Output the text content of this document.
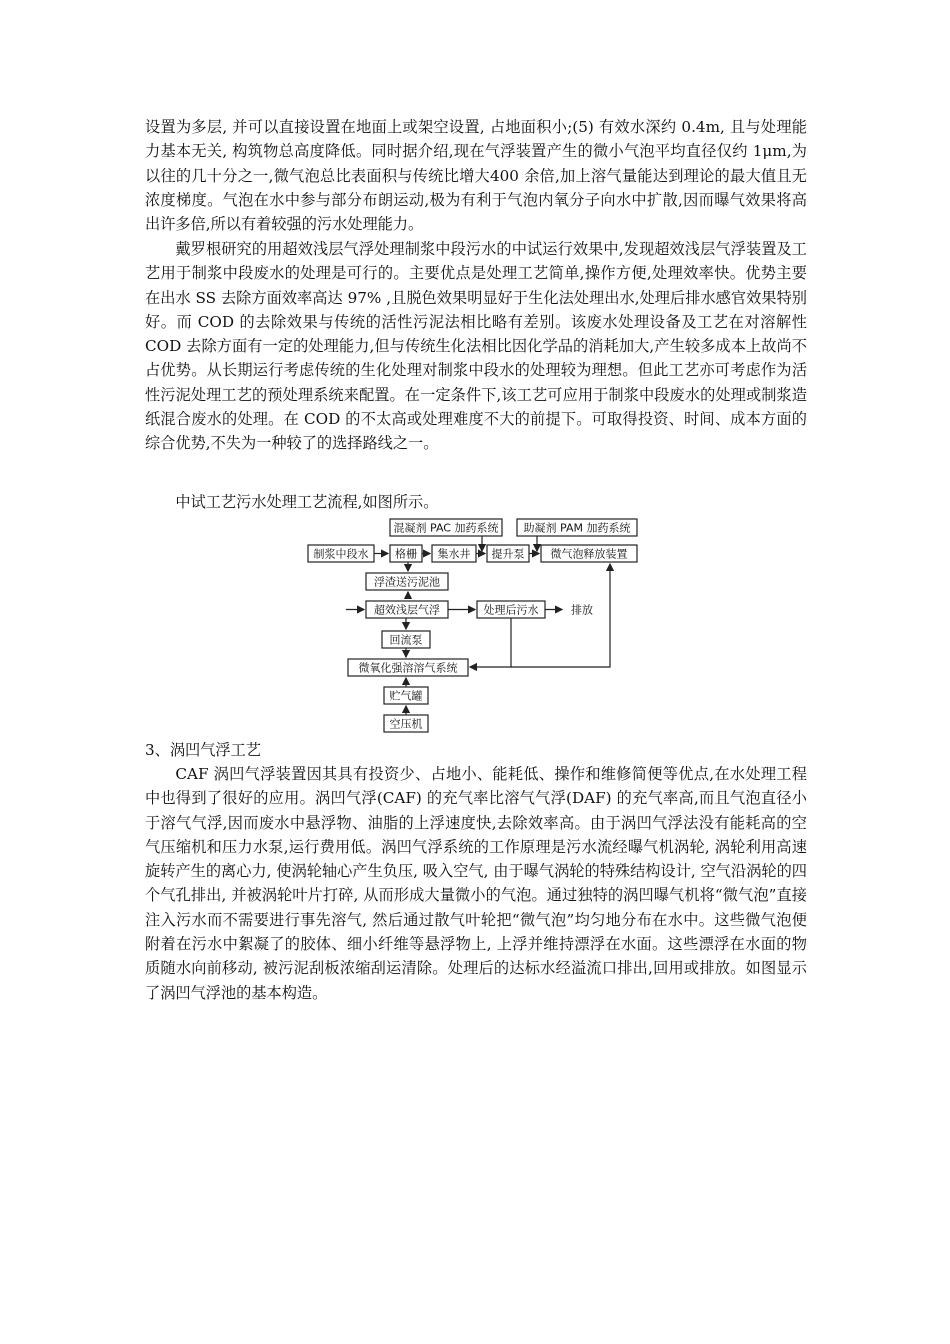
设置为多层, 并可以直接设置在地面上或架空设置, 占地面积小;(5) 有效水深约 0.4m, 且与处理能力基本无关, 构筑物总高度降低。同时据介绍,现在气浮装置产生的微小气泡平均直径仅约 1μm,为以往的几十分之一,微气泡总比表面积与传统比增大400 余倍,加上溶气量能达到理论的最大值且无浓度梯度。气泡在水中参与部分布朗运动,极为有利于气泡内氧分子向水中扩散,因而曝气效果将高出许多倍,所以有着较强的污水处理能力。

戴罗根研究的用超效浅层气浮处理制浆中段污水的中试运行效果中,发现超效浅层气浮装置及工艺用于制浆中段废水的处理是可行的。主要优点是处理工艺简单,操作方便,处理效率快。优势主要在出水 SS 去除方面效率高达 97% ,且脱色效果明显好于生化法处理出水,处理后排水感官效果特别好。而 COD 的去除效果与传统的活性污泥法相比略有差别。该废水处理设备及工艺在对溶解性 COD 去除方面有一定的处理能力,但与传统生化法相比因化学品的消耗加大,产生较多成本上故尚不占优势。从长期运行考虑传统的生化处理对制浆中段水的处理较为理想。但此工艺亦可考虑作为活性污泥处理工艺的预处理系统来配置。在一定条件下,该工艺可应用于制浆中段废水的处理或制浆造纸混合废水的处理。在 COD 的不太高或处理难度不大的前提下。可取得投资、时间、成本方面的综合优势,不失为一种较了的选择路线之一。

中试工艺污水处理工艺流程,如图所示。

混凝剂 PAC 加药系统 助凝剂 PAM 加药系统
制浆中段水 格栅 集水井 提升泵 微气泡释放装置
浮渣送污泥池
超效浅层气浮	处理后污水	排放
回流泵
微氧化强溶溶气系统
贮气罐
空压机

3、涡凹气浮工艺

CAF 涡凹气浮装置因其具有投资少、占地小、能耗低、操作和维修简便等优点,在水处理工程中也得到了很好的应用。涡凹气浮(CAF) 的充气率比溶气气浮(DAF) 的充气率高,而且气泡直径小于溶气气浮,因而废水中悬浮物、油脂的上浮速度快,去除效率高。由于涡凹气浮法没有能耗高的空气压缩机和压力水泵,运行费用低。涡凹气浮系统的工作原理是污水流经曝气机涡轮, 涡轮利用高速旋转产生的离心力, 使涡轮轴心产生负压, 吸入空气, 由于曝气涡轮的特殊结构设计, 空气沿涡轮的四个气孔排出, 并被涡轮叶片打碎, 从而形成大量微小的气泡。通过独特的涡凹曝气机将“微气泡”直接注入污水而不需要进行事先溶气, 然后通过散气叶轮把“微气泡”均匀地分布在水中。这些微气泡便附着在污水中絮凝了的胶体、细小纤维等悬浮物上, 上浮并维持漂浮在水面。这些漂浮在水面的物质随水向前移动, 被污泥刮板浓缩刮运清除。处理后的达标水经溢流口排出,回用或排放。如图显示了涡凹气浮池的基本构造。
